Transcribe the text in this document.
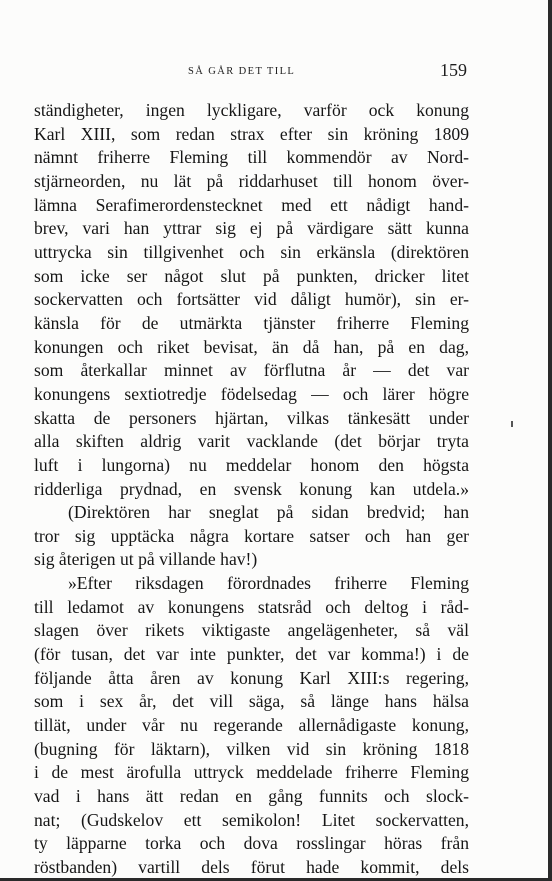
SÅ GÅR DET TILL	159
ständigheter, ingen lyckligare, varför ock konung
Karl XIII, som redan strax efter sin kröning 1809
nämnt friherre Fleming till kommendör av Nord-
stjärneorden, nu lät på riddarhuset till honom över-
lämna Serafimerordenstecknet med ett nådigt hand-
brev, vari han yttrar sig ej på värdigare sätt kunna
uttrycka sin tillgivenhet och sin erkänsla (direktören
som icke ser något slut på punkten, dricker litet
sockervatten och fortsätter vid dåligt humör), sin er-
känsla för de utmärkta tjänster friherre Fleming
konungen och riket bevisat, än då han, på en dag,
som återkallar minnet av förflutna år — det var
konungens sextiotredje födelsedag — och lärer högre
skatta de personers hjärtan, vilkas tänkesätt under
alla skiften aldrig varit vacklande (det börjar tryta
luft i lungorna) nu meddelar honom den högsta
ridderliga prydnad, en svensk konung kan utdela.»
(Direktören har sneglat på sidan bredvid; han
tror sig upptäcka några kortare satser och han ger
sig återigen ut på villande hav!)
»Efter riksdagen förordnades friherre Fleming
till ledamot av konungens statsråd och deltog i råd-
slagen över rikets viktigaste angelägenheter, så väl
(för tusan, det var inte punkter, det var komma!) i de
följande åtta åren av konung Karl XIII:s regering,
som i sex år, det vill säga, så länge hans hälsa
tillät, under vår nu regerande allernådigaste konung,
(bugning för läktarn), vilken vid sin kröning 1818
i de mest ärofulla uttryck meddelade friherre Fleming
vad i hans ätt redan en gång funnits och slock-
nat; (Gudskelov ett semikolon! Litet sockervatten,
ty läpparne torka och dova rosslingar höras från
röstbanden) vartill dels förut hade kommit, dels
